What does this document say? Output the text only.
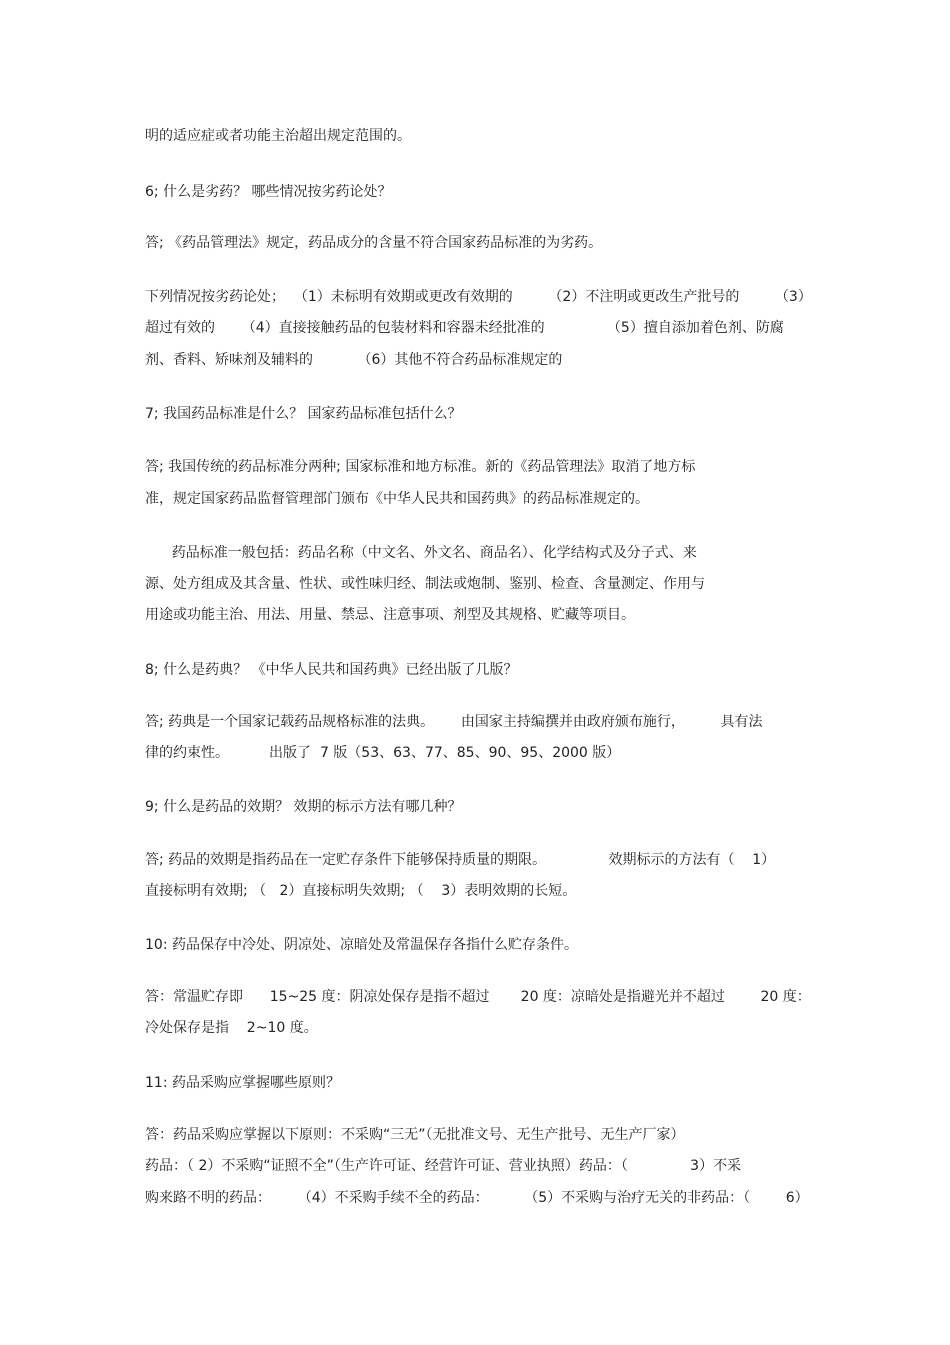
明的适应症或者功能主治超出规定范围的。

6; 什么是劣药？ 哪些情况按劣药论处？

答; 《药品管理法》规定，药品成分的含量不符合国家药品标准的为劣药。

下列情况按劣药论处；  （1）未标明有效期或更改有效期的        （2）不注明或更改生产批号的        （3）

超过有效的      （4）直接接触药品的包装材料和容器未经批准的              （5）擅自添加着色剂、防腐

剂、香料、矫味剂及辅料的          （6）其他不符合药品标准规定的

7; 我国药品标准是什么？ 国家药品标准包括什么？

答; 我国传统的药品标准分两种; 国家标准和地方标准。新的《药品管理法》取消了地方标

准，规定国家药品监督管理部门颁布《中华人民共和国药典》的药品标准规定的。

药品标准一般包括：药品名称（中文名、外文名、商品名）、化学结构式及分子式、来

源、处方组成及其含量、性状、或性味归经、制法或炮制、鉴别、检查、含量测定、作用与

用途或功能主治、用法、用量、禁忌、注意事项、剂型及其规格、贮藏等项目。

8; 什么是药典？ 《中华人民共和国药典》已经出版了几版？

答; 药典是一个国家记载药品规格标准的法典。      由国家主持编撰并由政府颁布施行，        具有法

律的约束性。         出版了  7 版（53、63、77、85、90、95、2000 版）

9; 什么是药品的效期？ 效期的标示方法有哪几种？

答; 药品的效期是指药品在一定贮存条件下能够保持质量的期限。              效期标示的方法有（    1）

直接标明有效期; （   2）直接标明失效期; （    3）表明效期的长短。

10: 药品保存中冷处、阴凉处、凉暗处及常温保存各指什么贮存条件。

答：常温贮存即      15~25 度：阴凉处保存是指不超过       20 度：凉暗处是指避光并不超过        20 度：

冷处保存是指    2~10 度。

11: 药品采购应掌握哪些原则？

答：药品采购应掌握以下原则：不采购“三无”（无批准文号、无生产批号、无生产厂家）

药品：（ 2）不采购“证照不全”（生产许可证、经营许可证、营业执照）药品：（              3）不采

购来路不明的药品：      （4）不采购手续不全的药品：        （5）不采购与治疗无关的非药品：（        6）
